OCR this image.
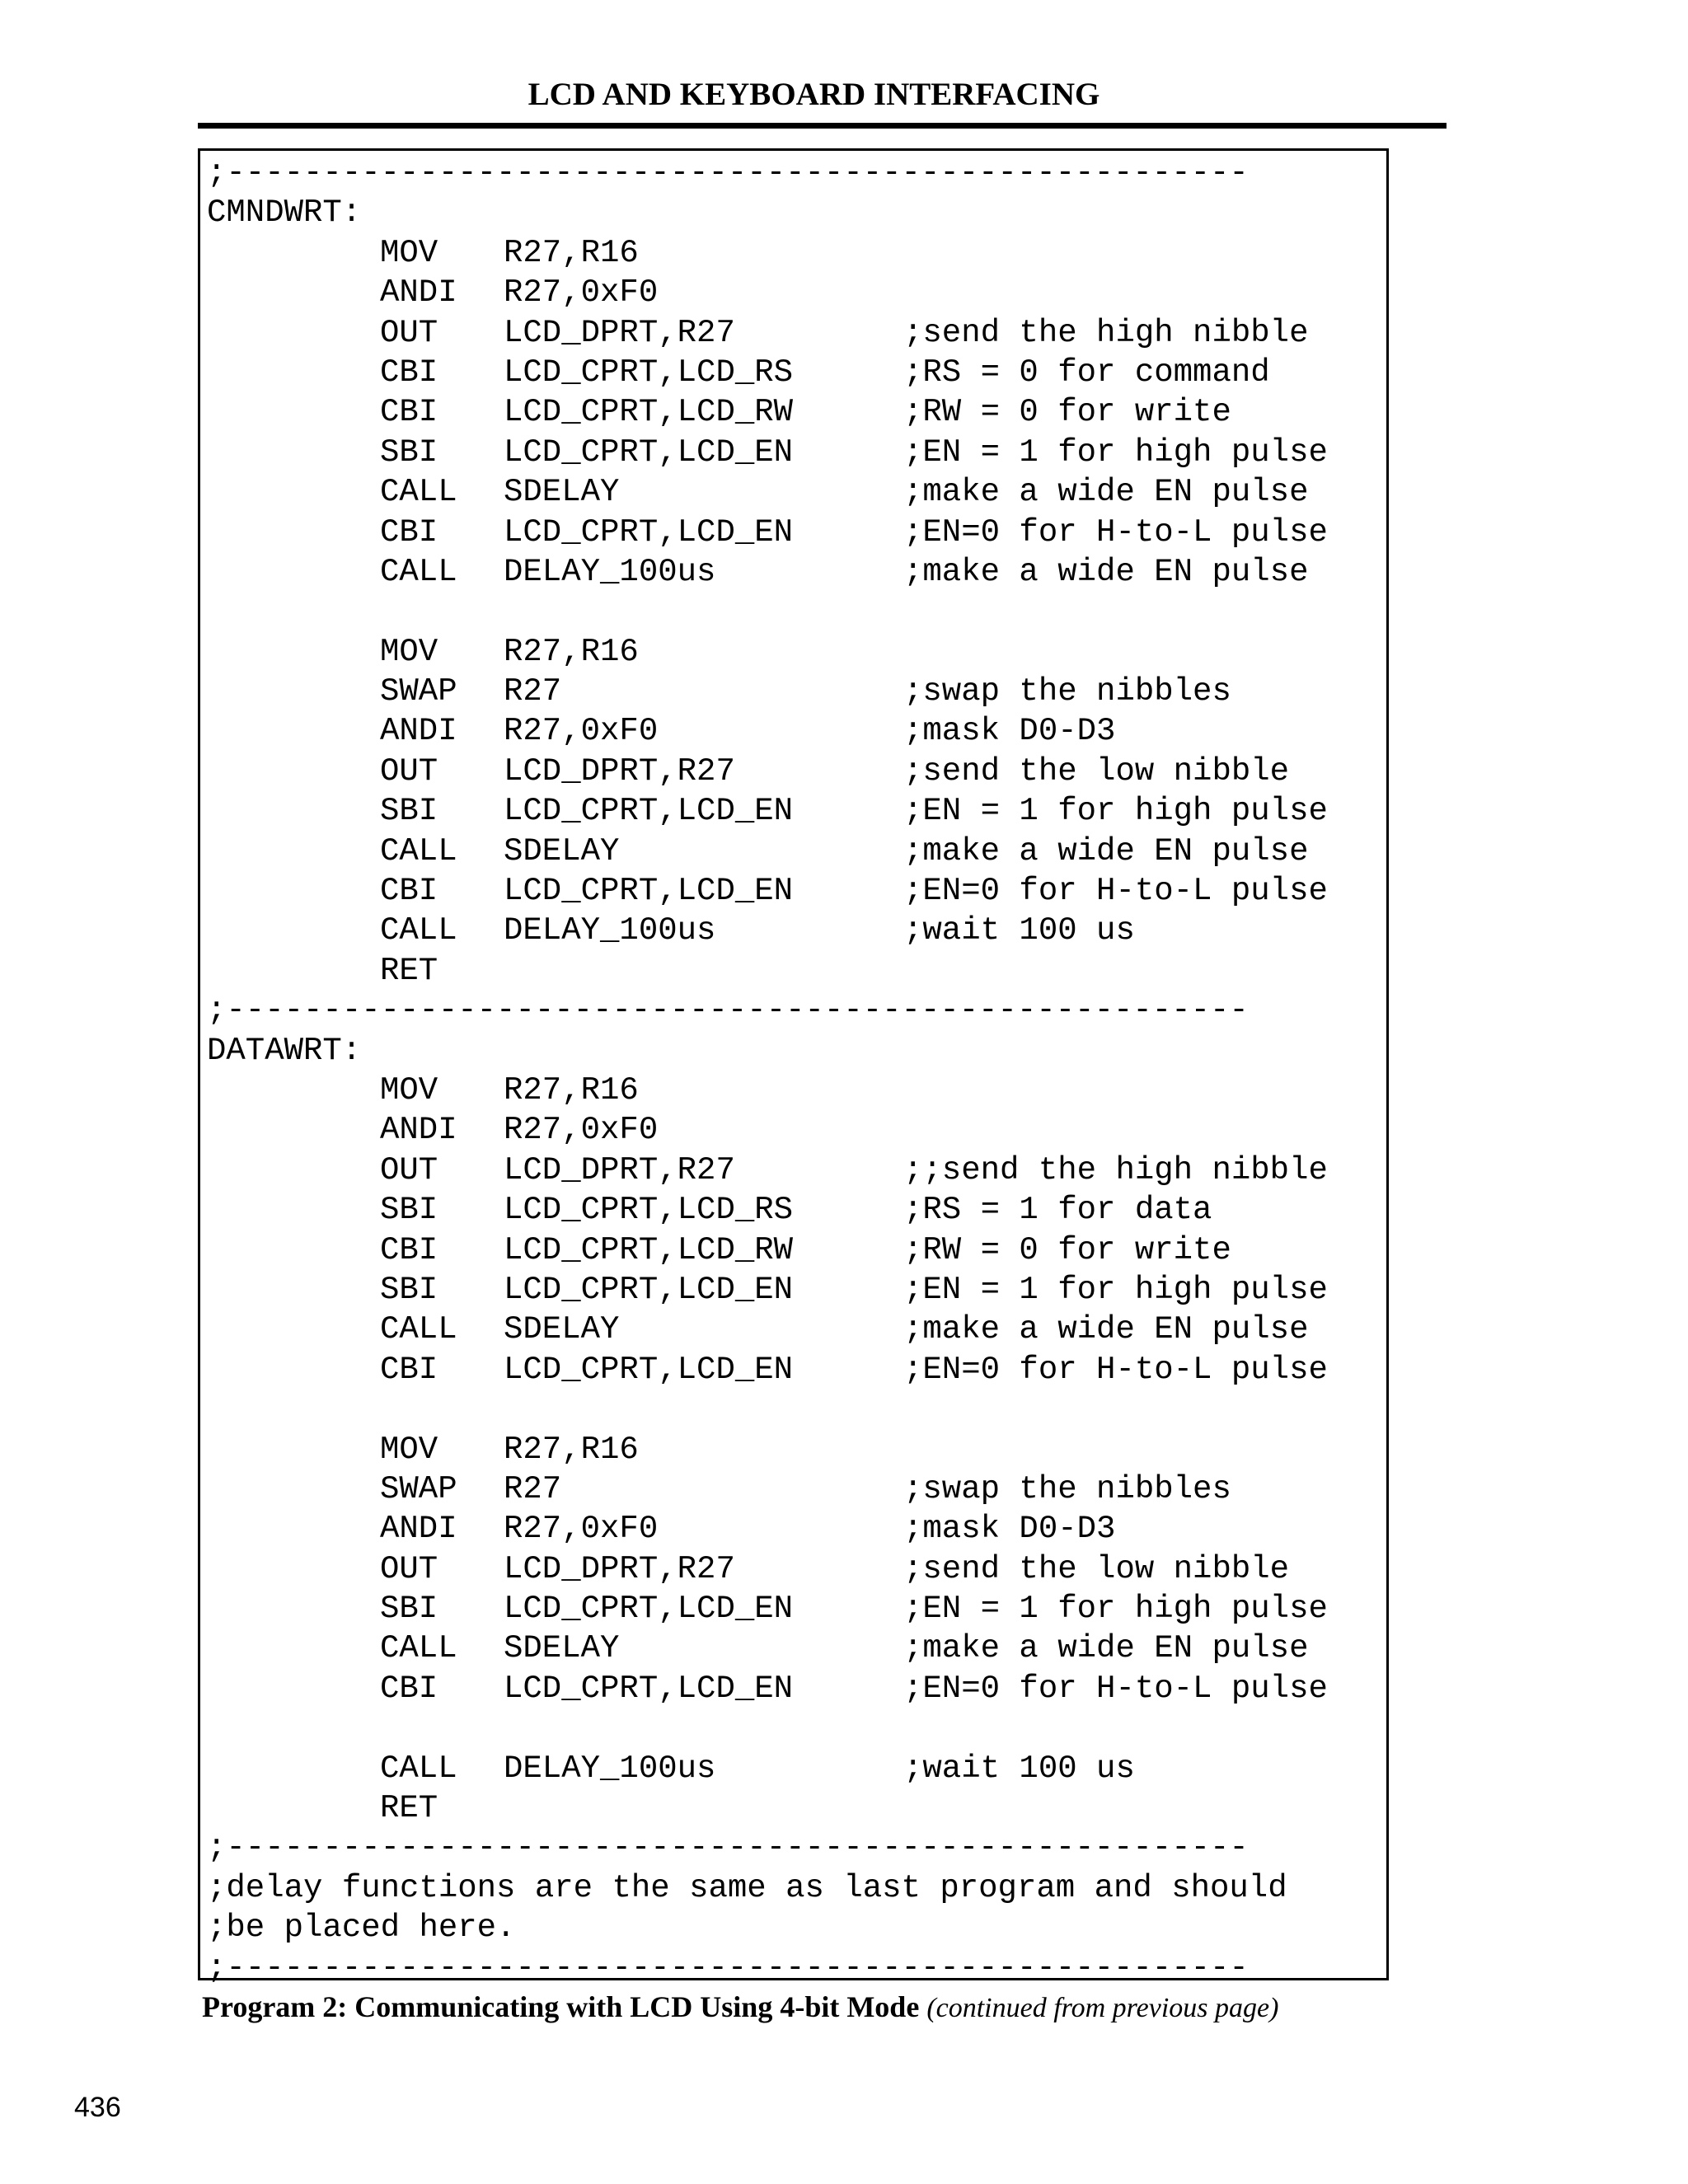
LCD AND KEYBOARD INTERFACING
;-----------------------------------------------------
CMNDWRT:
MOV R27,R16
ANDI R27,0xF0
OUT LCD_DPRT,R27	;send the high nibble
CBI LCD_CPRT,LCD_RS	;RS = 0 for command
CBI LCD_CPRT,LCD_RW	;RW = 0 for write
SBI LCD_CPRT,LCD_EN	;EN = 1 for high pulse
CALL SDELAY	;make a wide EN pulse
CBI LCD_CPRT,LCD_EN	;EN=0 for H-to-L pulse
CALL DELAY_100us	;make a wide EN pulse
MOV R27,R16
SWAP R27	;swap the nibbles
ANDI R27,0xF0	;mask D0-D3
OUT LCD_DPRT,R27	;send the low nibble
SBI LCD_CPRT,LCD_EN	;EN = 1 for high pulse
CALL SDELAY	;make a wide EN pulse
CBI LCD_CPRT,LCD_EN	;EN=0 for H-to-L pulse
CALL DELAY_100us	;wait 100 us
RET
;-----------------------------------------------------
DATAWRT:
MOV R27,R16
ANDI R27,0xF0
OUT LCD_DPRT,R27	;;send the high nibble
SBI LCD_CPRT,LCD_RS	;RS = 1 for data
CBI LCD_CPRT,LCD_RW	;RW = 0 for write
SBI LCD_CPRT,LCD_EN	;EN = 1 for high pulse
CALL SDELAY	;make a wide EN pulse
CBI LCD_CPRT,LCD_EN	;EN=0 for H-to-L pulse
MOV R27,R16
SWAP R27	;swap the nibbles
ANDI R27,0xF0	;mask D0-D3
OUT LCD_DPRT,R27	;send the low nibble
SBI LCD_CPRT,LCD_EN	;EN = 1 for high pulse
CALL SDELAY	;make a wide EN pulse
CBI LCD_CPRT,LCD_EN	;EN=0 for H-to-L pulse
CALL DELAY_100us	;wait 100 us
RET
;-----------------------------------------------------
;delay functions are the same as last program and should
;be placed here.
;-----------------------------------------------------
Program 2: Communicating with LCD Using 4-bit Mode (continued from previous page)
436
